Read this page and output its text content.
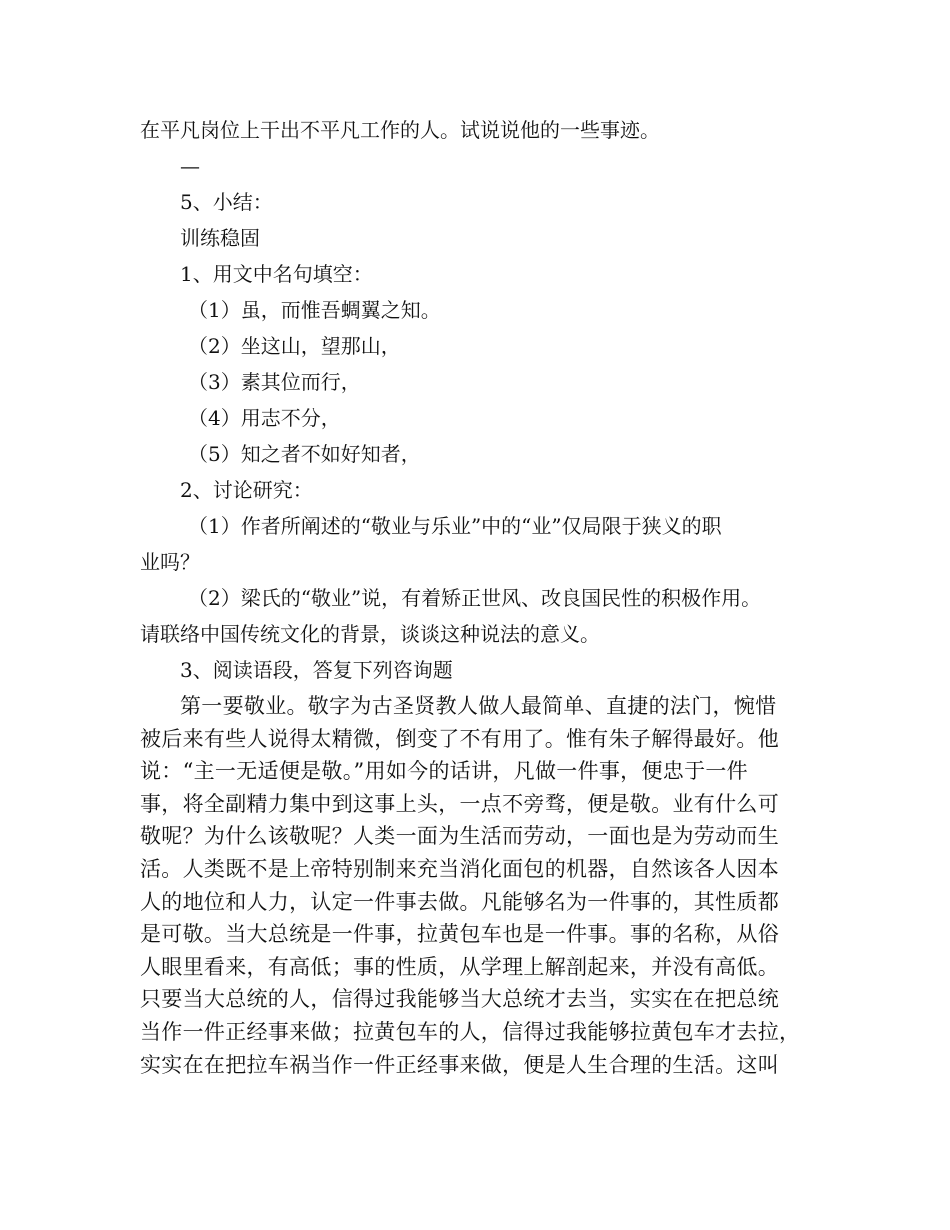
在平凡岗位上干出不平凡工作的人。试说说他的一些事迹。
—
5、小结：
训练稳固
1、用文中名句填空：
（1）虽，而惟吾蜩翼之知。
（2）坐这山，望那山，
（3）素其位而行，
（4）用志不分，
（5）知之者不如好知者，
2、讨论研究：
（1）作者所阐述的“敬业与乐业”中的“业”仅局限于狭义的职
业吗？
（2）梁氏的“敬业”说，有着矫正世风、改良国民性的积极作用。
请联络中国传统文化的背景，谈谈这种说法的意义。
3、阅读语段，答复下列咨询题
第一要敬业。敬字为古圣贤教人做人最简单、直捷的法门，惋惜
被后来有些人说得太精微，倒变了不有用了。惟有朱子解得最好。他
说：“主一无适便是敬。”用如今的话讲，凡做一件事，便忠于一件
事，将全副精力集中到这事上头，一点不旁骛，便是敬。业有什么可
敬呢？为什么该敬呢？人类一面为生活而劳动，一面也是为劳动而生
活。人类既不是上帝特别制来充当消化面包的机器，自然该各人因本
人的地位和人力，认定一件事去做。凡能够名为一件事的，其性质都
是可敬。当大总统是一件事，拉黄包车也是一件事。事的名称，从俗
人眼里看来，有高低；事的性质，从学理上解剖起来，并没有高低。
只要当大总统的人，信得过我能够当大总统才去当，实实在在把总统
当作一件正经事来做；拉黄包车的人，信得过我能够拉黄包车才去拉，
实实在在把拉车祸当作一件正经事来做，便是人生合理的生活。这叫
